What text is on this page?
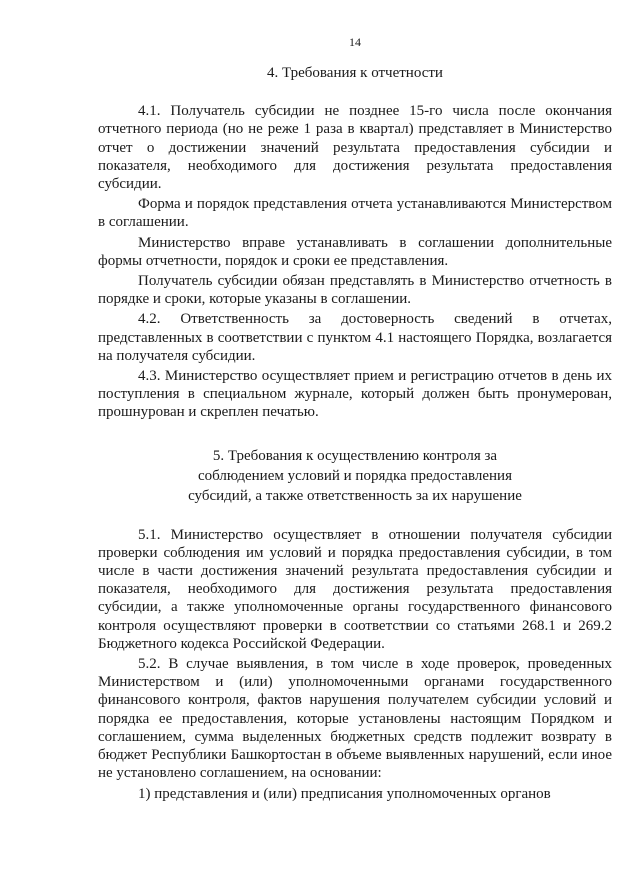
14
4. Требования к отчетности

4.1. Получатель субсидии не позднее 15-го числа после окончания отчетного периода (но не реже 1 раза в квартал) представляет в Министерство отчет о достижении значений результата предоставления субсидии и показателя, необходимого для достижения результата предоставления субсидии.

Форма и порядок представления отчета устанавливаются Министерством в соглашении.

Министерство вправе устанавливать в соглашении дополнительные формы отчетности, порядок и сроки ее представления.

Получатель субсидии обязан представлять в Министерство отчетность в порядке и сроки, которые указаны в соглашении.

4.2. Ответственность за достоверность сведений в отчетах, представленных в соответствии с пунктом 4.1 настоящего Порядка, возлагается на получателя субсидии.

4.3. Министерство осуществляет прием и регистрацию отчетов в день их поступления в специальном журнале, который должен быть пронумерован, прошнурован и скреплен печатью.

5. Требования к осуществлению контроля за
соблюдением условий и порядка предоставления
субсидий, а также ответственность за их нарушение

5.1. Министерство осуществляет в отношении получателя субсидии проверки соблюдения им условий и порядка предоставления субсидии, в том числе в части достижения значений результата предоставления субсидии и показателя, необходимого для достижения результата предоставления субсидии, а также уполномоченные органы государственного финансового контроля осуществляют проверки в соответствии со статьями 268.1 и 269.2 Бюджетного кодекса Российской Федерации.

5.2. В случае выявления, в том числе в ходе проверок, проведенных Министерством и (или) уполномоченными органами государственного финансового контроля, фактов нарушения получателем субсидии условий и порядка ее предоставления, которые установлены настоящим Порядком и соглашением, сумма выделенных бюджетных средств подлежит возврату в бюджет Республики Башкортостан в объеме выявленных нарушений, если иное не установлено соглашением, на основании:

1) представления и (или) предписания уполномоченных органов
